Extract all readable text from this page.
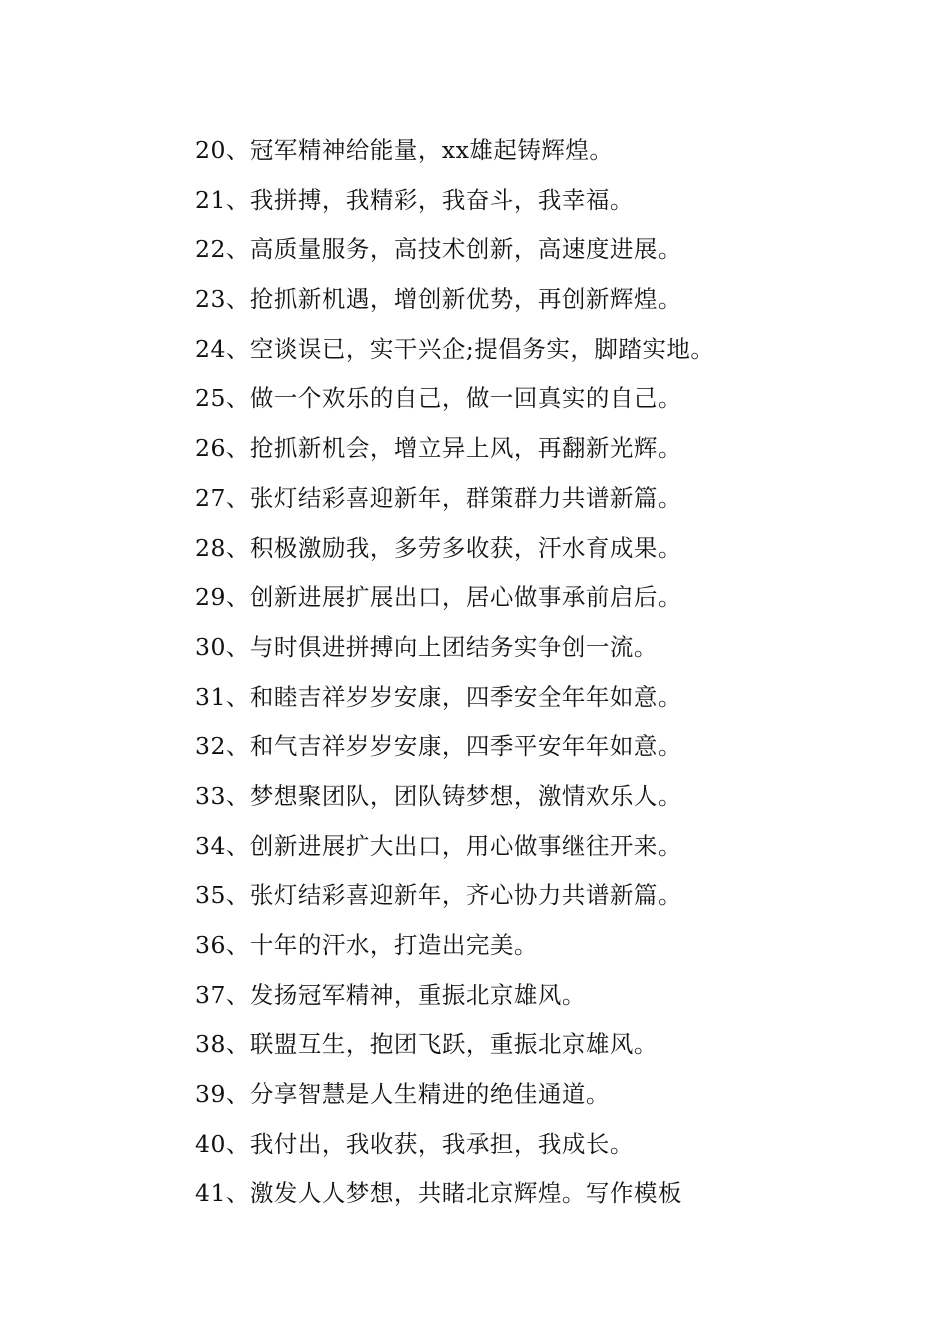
20、冠军精神给能量，xx雄起铸辉煌。
21、我拼搏，我精彩，我奋斗，我幸福。
22、高质量服务，高技术创新，高速度进展。
23、抢抓新机遇，增创新优势，再创新辉煌。
24、空谈误已，实干兴企;提倡务实，脚踏实地。
25、做一个欢乐的自己，做一回真实的自己。
26、抢抓新机会，增立异上风，再翻新光辉。
27、张灯结彩喜迎新年，群策群力共谱新篇。
28、积极激励我，多劳多收获，汗水育成果。
29、创新进展扩展出口，居心做事承前启后。
30、与时俱进拼搏向上团结务实争创一流。
31、和睦吉祥岁岁安康，四季安全年年如意。
32、和气吉祥岁岁安康，四季平安年年如意。
33、梦想聚团队，团队铸梦想，激情欢乐人。
34、创新进展扩大出口，用心做事继往开来。
35、张灯结彩喜迎新年，齐心协力共谱新篇。
36、十年的汗水，打造出完美。
37、发扬冠军精神，重振北京雄风。
38、联盟互生，抱团飞跃，重振北京雄风。
39、分享智慧是人生精进的绝佳通道。
40、我付出，我收获，我承担，我成长。
41、激发人人梦想，共睹北京辉煌。写作模板
